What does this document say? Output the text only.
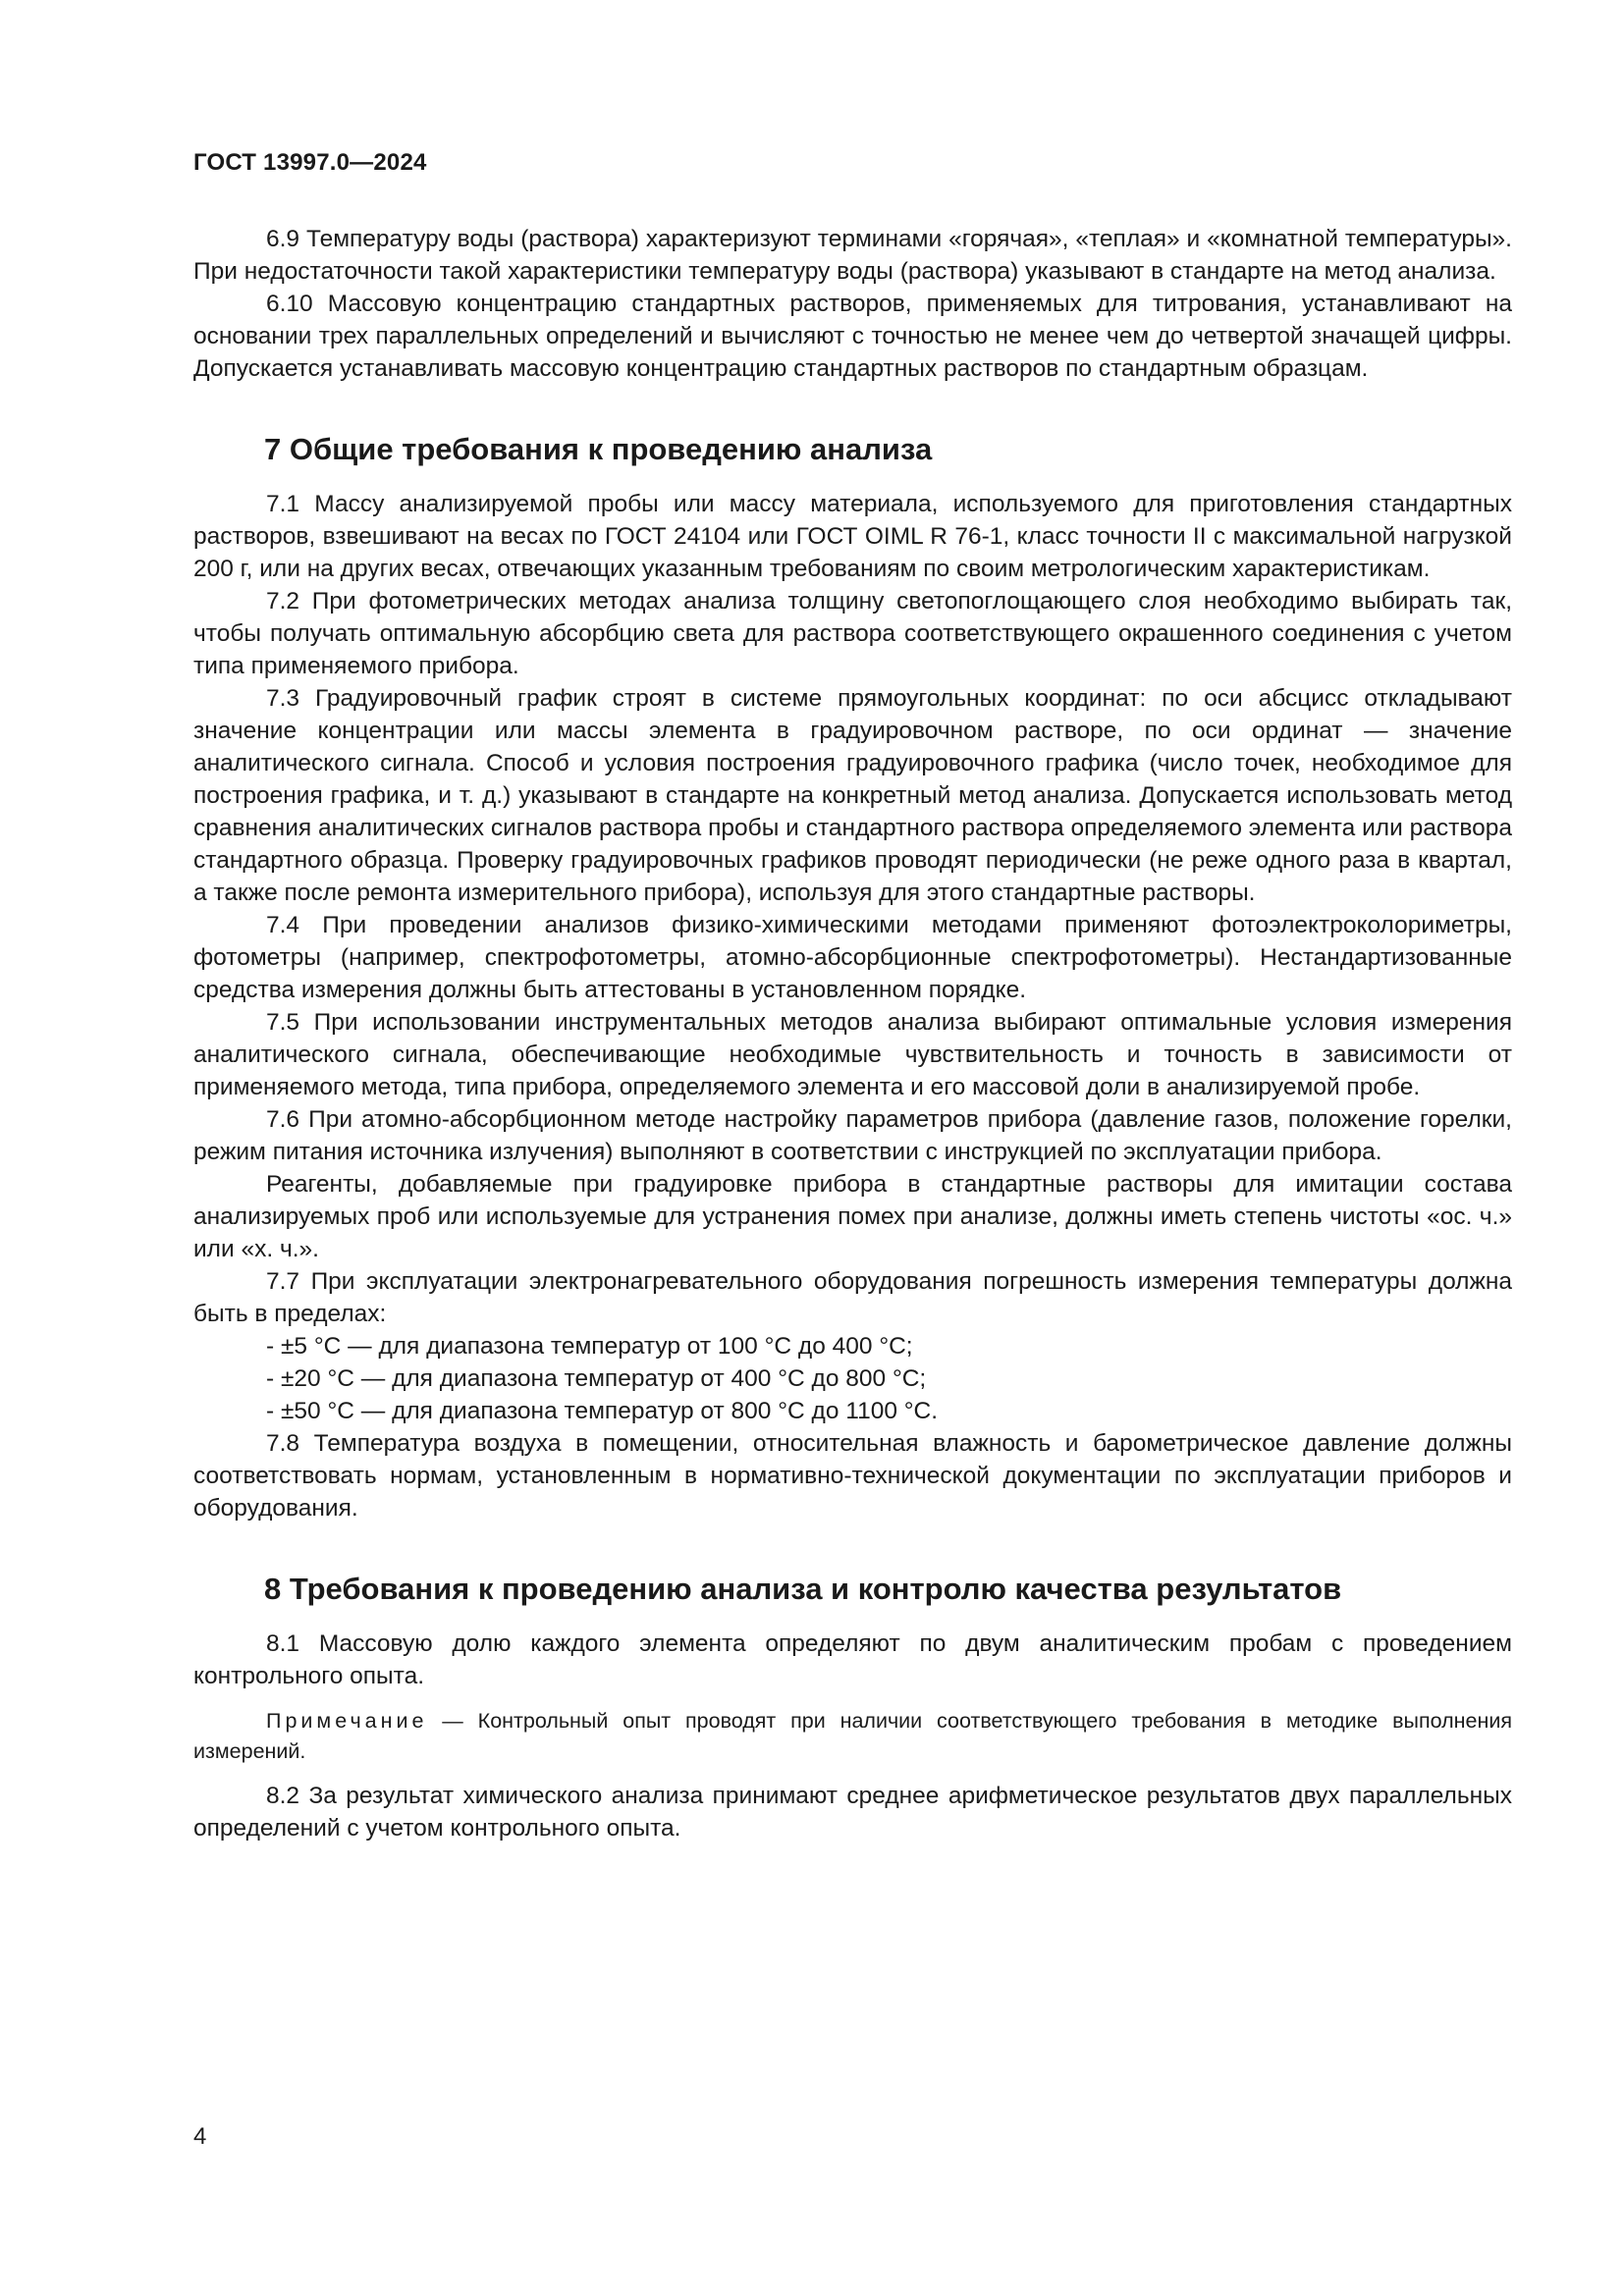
ГОСТ 13997.0—2024

6.9 Температуру воды (раствора) характеризуют терминами «горячая», «теплая» и «комнатной температуры». При недостаточности такой характеристики температуру воды (раствора) указывают в стандарте на метод анализа.

6.10 Массовую концентрацию стандартных растворов, применяемых для титрования, устанавливают на основании трех параллельных определений и вычисляют с точностью не менее чем до четвертой значащей цифры. Допускается устанавливать массовую концентрацию стандартных растворов по стандартным образцам.

7 Общие требования к проведению анализа

7.1 Массу анализируемой пробы или массу материала, используемого для приготовления стандартных растворов, взвешивают на весах по ГОСТ 24104 или ГОСТ OIML R 76-1, класс точности II с максимальной нагрузкой 200 г, или на других весах, отвечающих указанным требованиям по своим метрологическим характеристикам.

7.2 При фотометрических методах анализа толщину светопоглощающего слоя необходимо выбирать так, чтобы получать оптимальную абсорбцию света для раствора соответствующего окрашенного соединения с учетом типа применяемого прибора.

7.3 Градуировочный график строят в системе прямоугольных координат: по оси абсцисс откладывают значение концентрации или массы элемента в градуировочном растворе, по оси ординат — значение аналитического сигнала. Способ и условия построения градуировочного графика (число точек, необходимое для построения графика, и т. д.) указывают в стандарте на конкретный метод анализа. Допускается использовать метод сравнения аналитических сигналов раствора пробы и стандартного раствора определяемого элемента или раствора стандартного образца. Проверку градуировочных графиков проводят периодически (не реже одного раза в квартал, а также после ремонта измерительного прибора), используя для этого стандартные растворы.

7.4 При проведении анализов физико-химическими методами применяют фотоэлектроколориметры, фотометры (например, спектрофотометры, атомно-абсорбционные спектрофотометры). Нестандартизованные средства измерения должны быть аттестованы в установленном порядке.

7.5 При использовании инструментальных методов анализа выбирают оптимальные условия измерения аналитического сигнала, обеспечивающие необходимые чувствительность и точность в зависимости от применяемого метода, типа прибора, определяемого элемента и его массовой доли в анализируемой пробе.

7.6 При атомно-абсорбционном методе настройку параметров прибора (давление газов, положение горелки, режим питания источника излучения) выполняют в соответствии с инструкцией по эксплуатации прибора.

Реагенты, добавляемые при градуировке прибора в стандартные растворы для имитации состава анализируемых проб или используемые для устранения помех при анализе, должны иметь степень чистоты «ос. ч.» или «х. ч.».

7.7 При эксплуатации электронагревательного оборудования погрешность измерения температуры должна быть в пределах:

- ±5 °С — для диапазона температур от 100 °С до 400 °С;

- ±20 °С — для диапазона температур от 400 °С до 800 °С;

- ±50 °С — для диапазона температур от 800 °С до 1100 °С.

7.8 Температура воздуха в помещении, относительная влажность и барометрическое давление должны соответствовать нормам, установленным в нормативно-технической документации по эксплуатации приборов и оборудования.

8 Требования к проведению анализа и контролю качества результатов

8.1 Массовую долю каждого элемента определяют по двум аналитическим пробам с проведением контрольного опыта.

Примечание — Контрольный опыт проводят при наличии соответствующего требования в методике выполнения измерений.

8.2 За результат химического анализа принимают среднее арифметическое результатов двух параллельных определений с учетом контрольного опыта.

4
